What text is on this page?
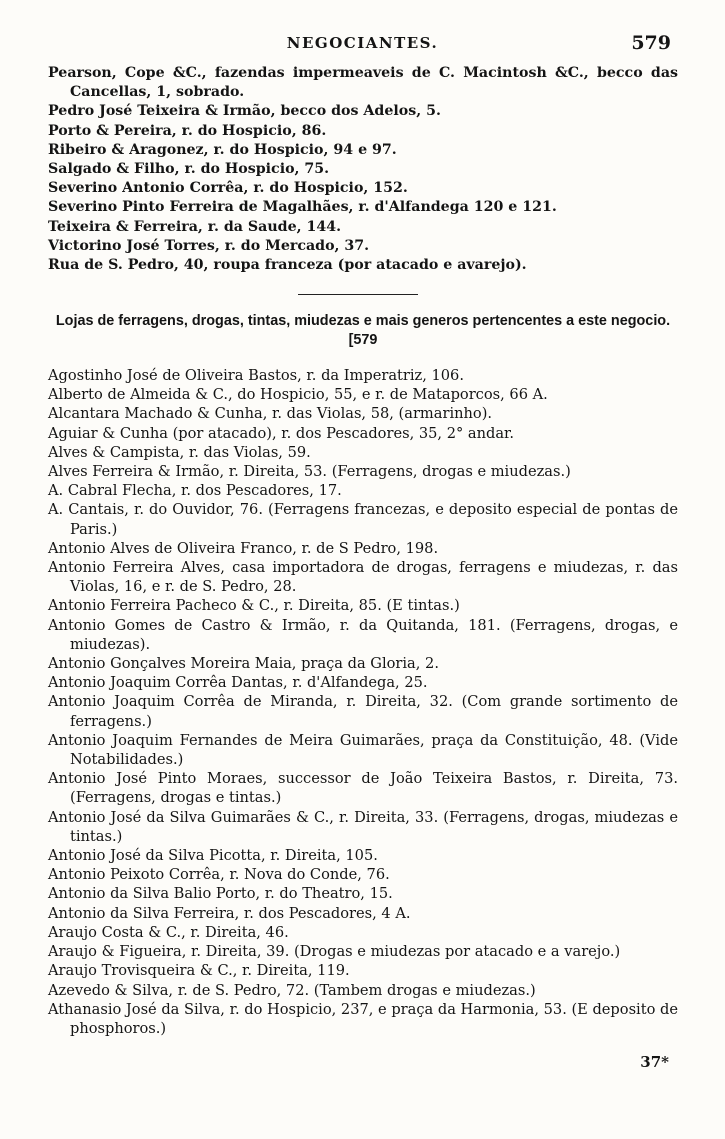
NEGOCIANTES.	579
Pearson, Cope &C., fazendas impermeaveis de C. Macintosh &C., becco das Cancellas, 1, sobrado.
Pedro José Teixeira & Irmão, becco dos Adelos, 5.
Porto & Pereira, r. do Hospicio, 86.
Ribeiro & Aragonez, r. do Hospicio, 94 e 97.
Salgado & Filho, r. do Hospicio, 75.
Severino Antonio Corrêa, r. do Hospicio, 152.
Severino Pinto Ferreira de Magalhães, r. d'Alfandega 120 e 121.
Teixeira & Ferreira, r. da Saude, 144.
Victorino José Torres, r. do Mercado, 37.
Rua de S. Pedro, 40, roupa franceza (por atacado e avarejo).
Lojas de ferragens, drogas, tintas, miudezas e mais generos pertencentes a este negocio. [579
Agostinho José de Oliveira Bastos, r. da Imperatriz, 106.
Alberto de Almeida & C., do Hospicio, 55, e r. de Mataporcos, 66 A.
Alcantara Machado & Cunha, r. das Violas, 58, (armarinho).
Aguiar & Cunha (por atacado), r. dos Pescadores, 35, 2° andar.
Alves & Campista, r. das Violas, 59.
Alves Ferreira & Irmão, r. Direita, 53. (Ferragens, drogas e miudezas.)
A. Cabral Flecha, r. dos Pescadores, 17.
A. Cantais, r. do Ouvidor, 76. (Ferragens francezas, e deposito especial de pontas de Paris.)
Antonio Alves de Oliveira Franco, r. de S Pedro, 198.
Antonio Ferreira Alves, casa importadora de drogas, ferragens e miudezas, r. das Violas, 16, e r. de S. Pedro, 28.
Antonio Ferreira Pacheco & C., r. Direita, 85. (E tintas.)
Antonio Gomes de Castro & Irmão, r. da Quitanda, 181. (Ferragens, drogas, e miudezas).
Antonio Gonçalves Moreira Maia, praça da Gloria, 2.
Antonio Joaquim Corrêa Dantas, r. d'Alfandega, 25.
Antonio Joaquim Corrêa de Miranda, r. Direita, 32. (Com grande sortimento de ferragens.)
Antonio Joaquim Fernandes de Meira Guimarães, praça da Constituição, 48. (Vide Notabilidades.)
Antonio José Pinto Moraes, successor de João Teixeira Bastos, r. Direita, 73. (Ferragens, drogas e tintas.)
Antonio José da Silva Guimarães & C., r. Direita, 33. (Ferragens, drogas, miudezas e tintas.)
Antonio José da Silva Picotta, r. Direita, 105.
Antonio Peixoto Corrêa, r. Nova do Conde, 76.
Antonio da Silva Balio Porto, r. do Theatro, 15.
Antonio da Silva Ferreira, r. dos Pescadores, 4 A.
Araujo Costa & C., r. Direita, 46.
Araujo & Figueira, r. Direita, 39. (Drogas e miudezas por atacado e a varejo.)
Araujo Trovisqueira & C., r. Direita, 119.
Azevedo & Silva, r. de S. Pedro, 72. (Tambem drogas e miudezas.)
Athanasio José da Silva, r. do Hospicio, 237, e praça da Harmonia, 53. (E deposito de phosphoros.)
37*
